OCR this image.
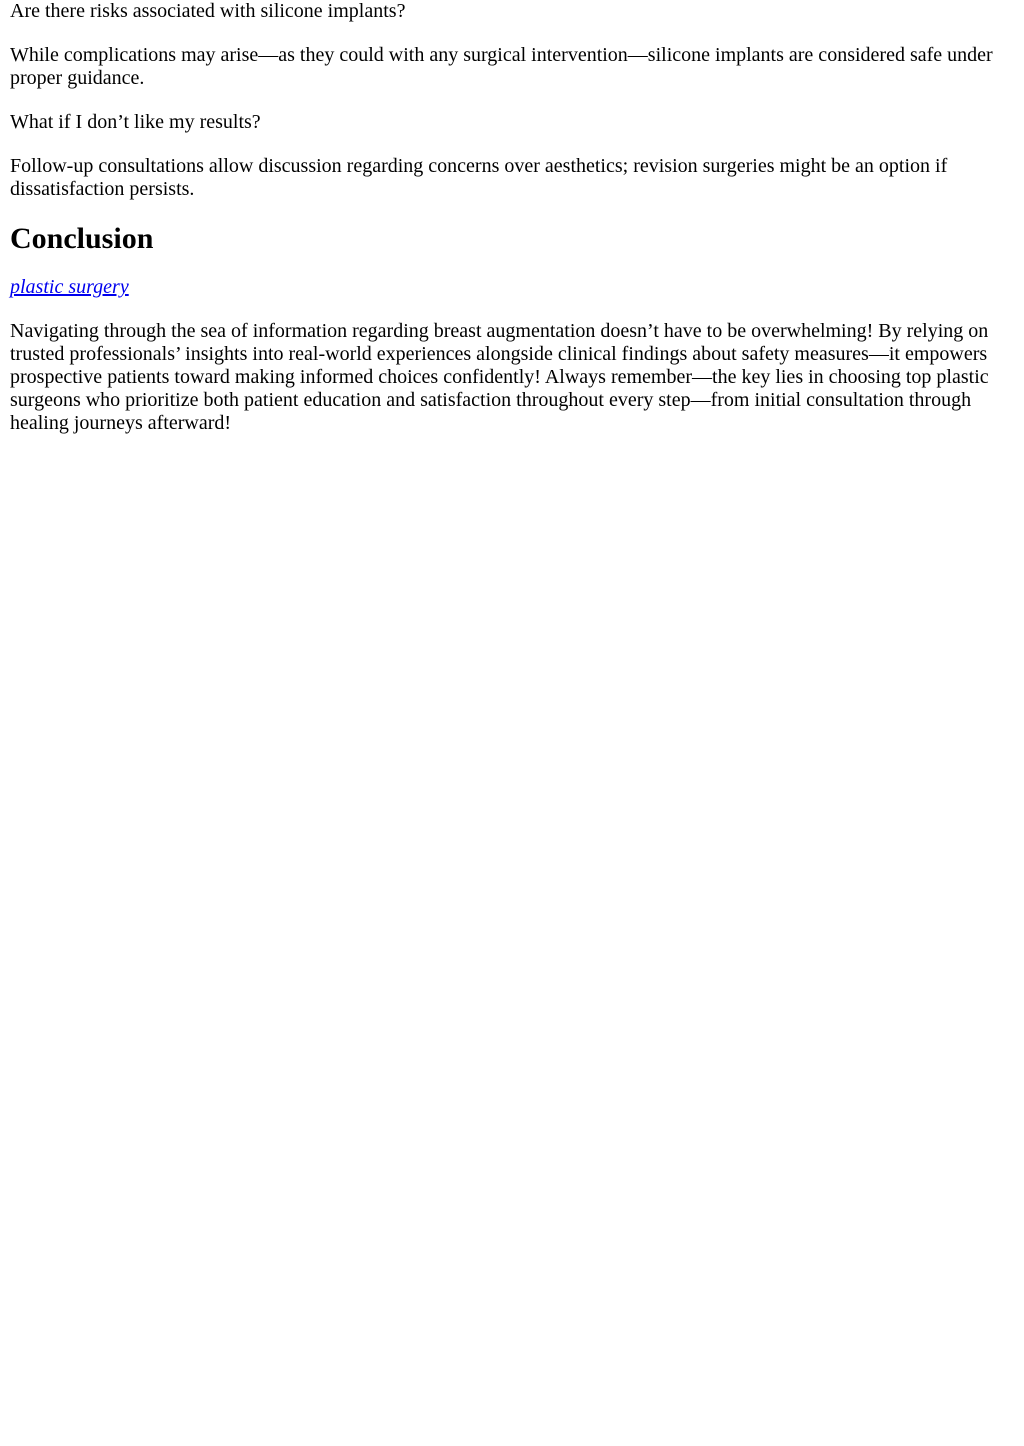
Are there risks associated with silicone implants?

While complications may arise—as they could with any surgical intervention—silicone implants are considered safe under proper guidance.

What if I don’t like my results?

Follow-up consultations allow discussion regarding concerns over aesthetics; revision surgeries might be an option if dissatisfaction persists.

Conclusion

plastic surgery

Navigating through the sea of information regarding breast augmentation doesn’t have to be overwhelming! By relying on trusted professionals’ insights into real-world experiences alongside clinical findings about safety measures—it empowers prospective patients toward making informed choices confidently! Always remember—the key lies in choosing top plastic surgeons who prioritize both patient education and satisfaction throughout every step—from initial consultation through healing journeys afterward!
